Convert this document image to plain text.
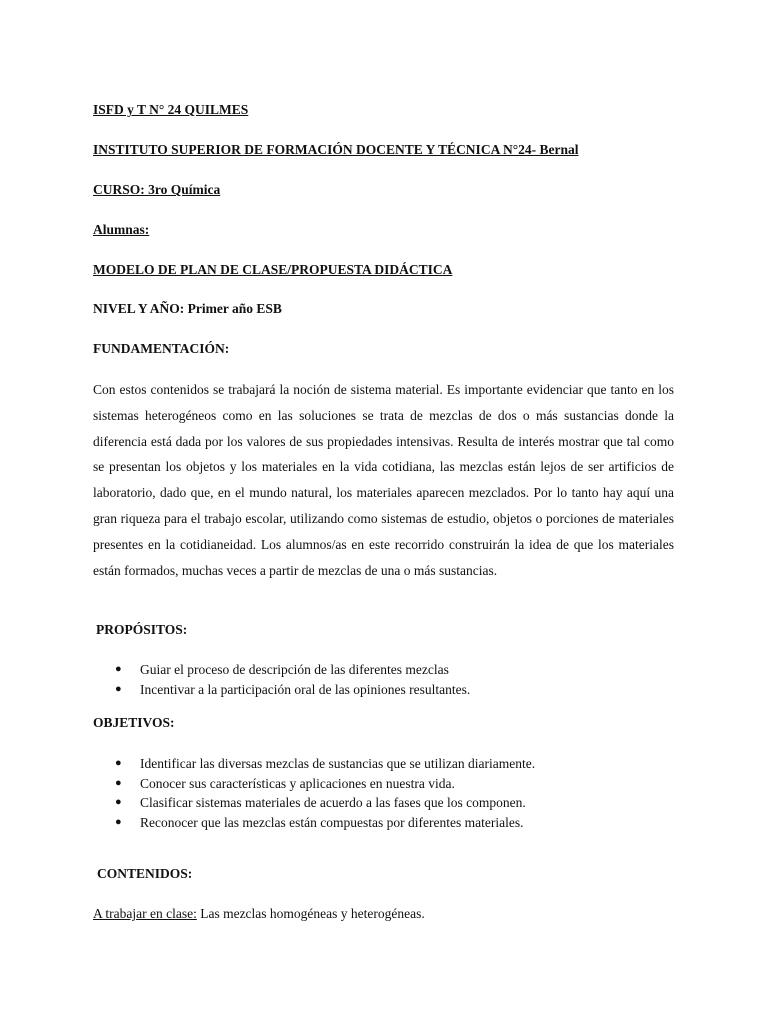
ISFD y T N° 24 QUILMES
INSTITUTO SUPERIOR DE FORMACIÓN DOCENTE Y TÉCNICA N°24- Bernal
CURSO: 3ro Química
Alumnas:
MODELO DE PLAN DE CLASE/PROPUESTA DIDÁCTICA
NIVEL Y AÑO: Primer año ESB
FUNDAMENTACIÓN:

Con estos contenidos se trabajará la noción de sistema material. Es importante evidenciar que tanto en los sistemas heterogéneos como en las soluciones se trata de mezclas de dos o más sustancias donde la diferencia está dada por los valores de sus propiedades intensivas. Resulta de interés mostrar que tal como se presentan los objetos y los materiales en la vida cotidiana, las mezclas están lejos de ser artificios de laboratorio, dado que, en el mundo natural, los materiales aparecen mezclados. Por lo tanto hay aquí una gran riqueza para el trabajo escolar, utilizando como sistemas de estudio, objetos o porciones de materiales presentes en la cotidianeidad. Los alumnos/as en este recorrido construirán la idea de que los materiales están formados, muchas veces a partir de mezclas de una o más sustancias.

PROPÓSITOS:
● Guiar el proceso de descripción de las diferentes mezclas
● Incentivar a la participación oral de las opiniones resultantes.
OBJETIVOS:
● Identificar las diversas mezclas de sustancias que se utilizan diariamente.
● Conocer sus características y aplicaciones en nuestra vida.
● Clasificar sistemas materiales de acuerdo a las fases que los componen.
● Reconocer que las mezclas están compuestas por diferentes materiales.
CONTENIDOS:
A trabajar en clase: Las mezclas homogéneas y heterogéneas.
